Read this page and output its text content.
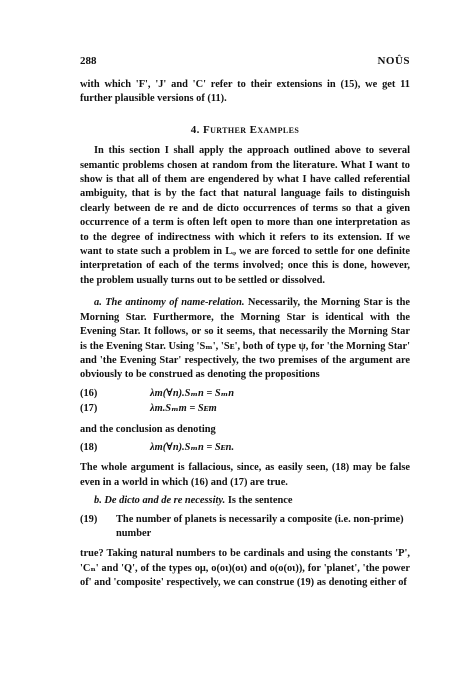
288	NOÛS

with which 'F', 'J' and 'C' refer to their extensions in (15), we get 11 further plausible versions of (11).

4. Further Examples

In this section I shall apply the approach outlined above to several semantic problems chosen at random from the literature. What I want to show is that all of them are engendered by what I have called referential ambiguity, that is by the fact that natural language fails to distinguish clearly between de re and de dicto occurrences of terms so that a given occurrence of a term is often left open to more than one interpretation as to the degree of indirectness with which it refers to its extension. If we want to state such a problem in Lᵩ we are forced to settle for one definite interpretation of each of the terms involved; once this is done, however, the problem usually turns out to be settled or dissolved.

a. The antinomy of name-relation. Necessarily, the Morning Star is the Morning Star. Furthermore, the Morning Star is identical with the Evening Star. It follows, or so it seems, that necessarily the Morning Star is the Evening Star. Using 'Sₘ', 'Sᴇ', both of type ψ, for 'the Morning Star' and 'the Evening Star' respectively, the two premises of the argument are obviously to be construed as denoting the propositions

(16)	λm(∀n).Sₘn = Sₘn
(17)	λm.Sₘm = Sᴇm

and the conclusion as denoting

(18)	λm(∀n).Sₘn = Sᴇn.

The whole argument is fallacious, since, as easily seen, (18) may be false even in a world in which (16) and (17) are true.

b. De dicto and de re necessity. Is the sentence

(19)	The number of planets is necessarily a composite (i.e. non-prime) number

true? Taking natural numbers to be cardinals and using the constants 'P', 'Cₙ' and 'Q', of the types oμ, o(oι)(oι) and o(o(oι)), for 'planet', 'the power of' and 'composite' respectively, we can construe (19) as denoting either of
